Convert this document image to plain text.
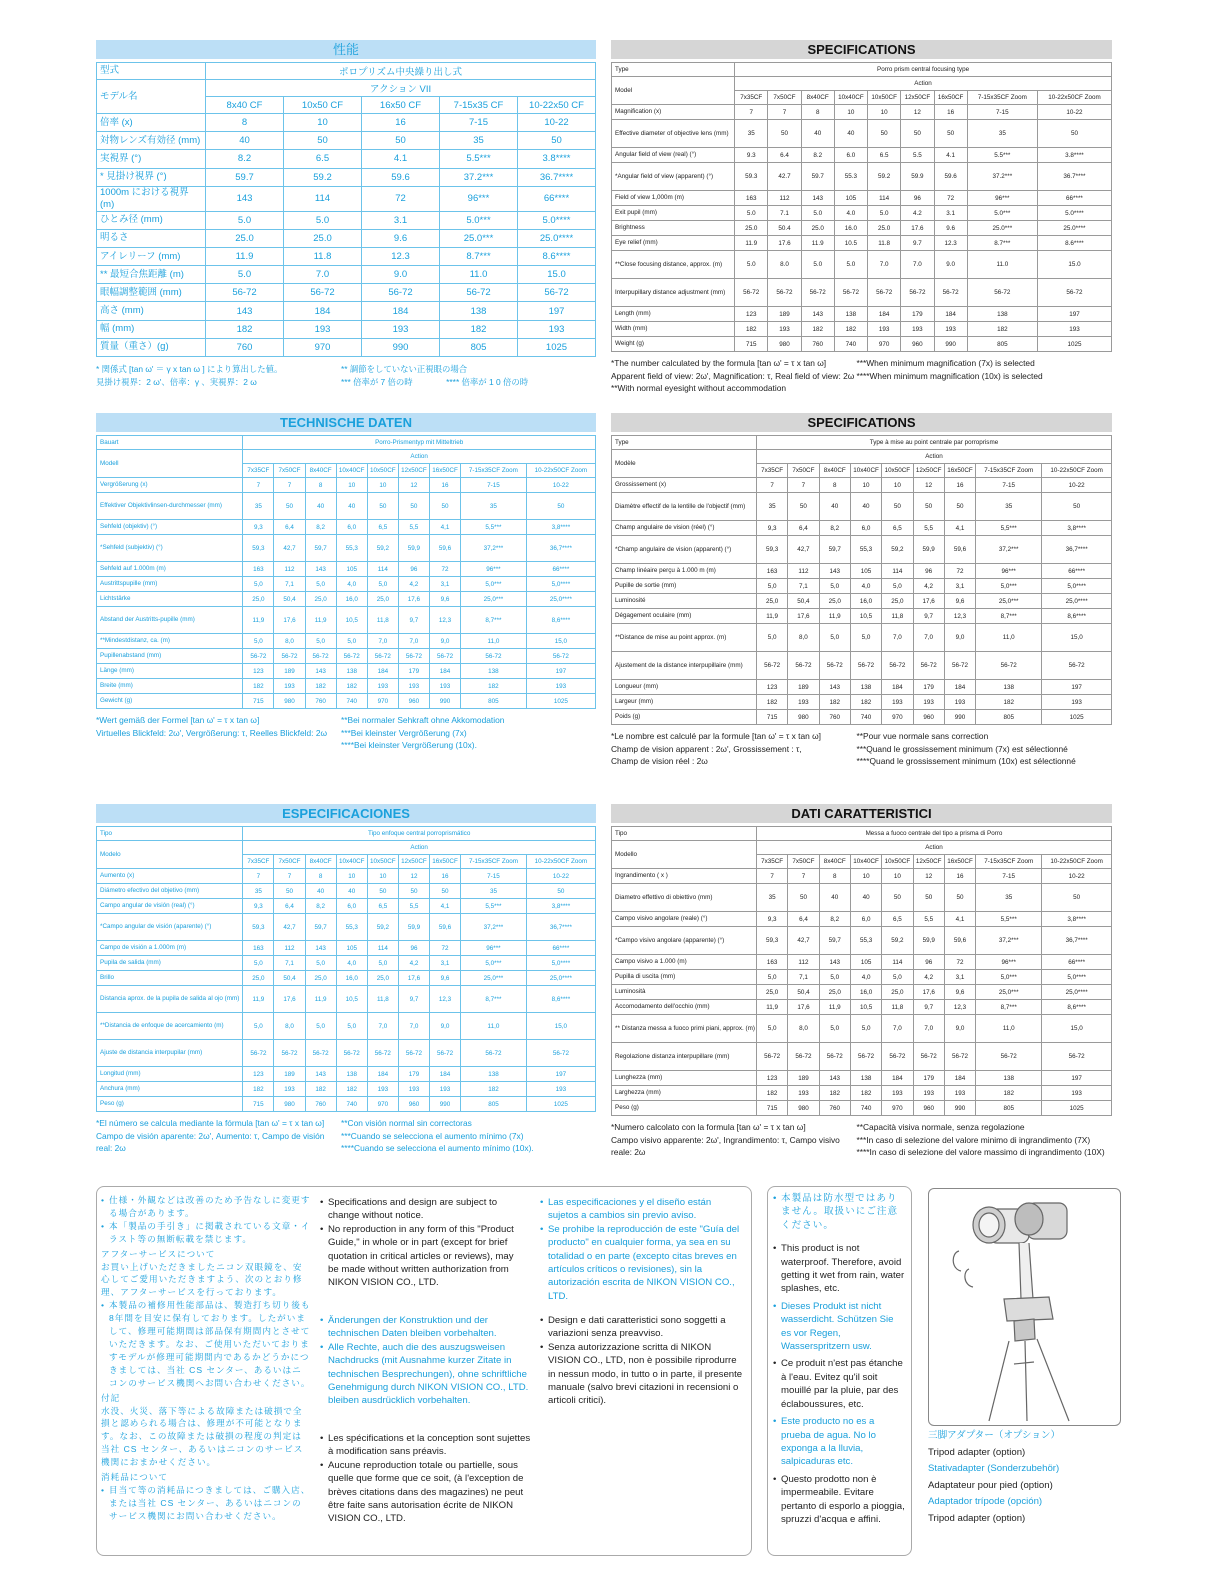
性能
型式	ポロプリズム中央繰り出し式				
モデル名	アクション VII				
	8x40 CF	10x50 CF	16x50 CF	7-15x35 CF	10-22x50 CF
倍率 (x)	8	10	16	7-15	10-22
対物レンズ有効径 (mm)	40	50	50	35	50
実視界 (°)	8.2	6.5	4.1	5.5***	3.8****
* 見掛け視界 (°)	59.7	59.2	59.6	37.2***	36.7****
1000m における視界 (m)	143	114	72	96***	66****
ひとみ径 (mm)	5.0	5.0	3.1	5.0***	5.0****
明るさ	25.0	25.0	9.6	25.0***	25.0****
アイレリーフ (mm)	11.9	11.8	12.3	8.7***	8.6****
** 最短合焦距離 (m)	5.0	7.0	9.0	11.0	15.0
眼幅調整範囲 (mm)	56-72	56-72	56-72	56-72	56-72
高さ (mm)	143	184	184	138	197
幅 (mm)	182	193	193	182	193
質量（重さ）(g)	760	970	990	805	1025
* 関係式 [tan ω' ＝ γ x tan ω ] により算出した値。
見掛け視界：2 ω'、倍率：γ 、実視界：2 ω
** 調節をしていない正視眼の場合
*** 倍率が 7 倍の時　　　　**** 倍率が 1 0 倍の時
SPECIFICATIONS
Type	Porro prism central focusing type								
Model	Action								
	7x35CF	7x50CF	8x40CF	10x40CF	10x50CF	12x50CF	16x50CF	7-15x35CF Zoom	10-22x50CF Zoom
Magnification (x)	7	7	8	10	10	12	16	7-15	10-22
Effective diameter of objective lens (mm)	35	50	40	40	50	50	50	35	50
Angular field of view (real) (°)	9.3	6.4	8.2	6.0	6.5	5.5	4.1	5.5***	3.8****
*Angular field of view (apparent) (°)	59.3	42.7	59.7	55.3	59.2	59.9	59.6	37.2***	36.7****
Field of view 1,000m (m)	163	112	143	105	114	96	72	96***	66****
Exit pupil (mm)	5.0	7.1	5.0	4.0	5.0	4.2	3.1	5.0***	5.0****
Brightness	25.0	50.4	25.0	16.0	25.0	17.6	9.6	25.0***	25.0****
Eye relief (mm)	11.9	17.6	11.9	10.5	11.8	9.7	12.3	8.7***	8.6****
**Close focusing distance, approx. (m)	5.0	8.0	5.0	5.0	7.0	7.0	9.0	11.0	15.0
Interpupillary distance adjustment (mm)	56-72	56-72	56-72	56-72	56-72	56-72	56-72	56-72	56-72
Length (mm)	123	189	143	138	184	179	184	138	197
Width (mm)	182	193	182	182	193	193	193	182	193
Weight (g)	715	980	760	740	970	960	990	805	1025
*The number calculated by the formula [tan ω' = τ x tan ω]
Apparent field of view: 2ω', Magnification: τ, Real field of view: 2ω
**With normal eyesight without accommodation
***When minimum magnification (7x) is selected
****When minimum magnification (10x) is selected
TECHNISCHE DATEN
Bauart	Porro-Prismentyp mit Mitteltrieb								
Modell	Action								
	7x35CF	7x50CF	8x40CF	10x40CF	10x50CF	12x50CF	16x50CF	7-15x35CF Zoom	10-22x50CF Zoom
Vergrößerung (x)	7	7	8	10	10	12	16	7-15	10-22
Effektiver Objektivlinsen-durchmesser (mm)	35	50	40	40	50	50	50	35	50
Sehfeld (objektiv) (°)	9,3	6,4	8,2	6,0	6,5	5,5	4,1	5,5***	3,8****
*Sehfeld (subjektiv) (°)	59,3	42,7	59,7	55,3	59,2	59,9	59,6	37,2***	36,7****
Sehfeld auf 1.000m (m)	163	112	143	105	114	96	72	96***	66****
Austrittspupille (mm)	5,0	7,1	5,0	4,0	5,0	4,2	3,1	5,0***	5,0****
Lichtstärke	25,0	50,4	25,0	16,0	25,0	17,6	9,6	25,0***	25,0****
Abstand der Austritts-pupille (mm)	11,9	17,6	11,9	10,5	11,8	9,7	12,3	8,7***	8,6****
**Mindestdistanz, ca. (m)	5,0	8,0	5,0	5,0	7,0	7,0	9,0	11,0	15,0
Pupillenabstand (mm)	56-72	56-72	56-72	56-72	56-72	56-72	56-72	56-72	56-72
Länge (mm)	123	189	143	138	184	179	184	138	197
Breite (mm)	182	193	182	182	193	193	193	182	193
Gewicht (g)	715	980	760	740	970	960	990	805	1025
*Wert gemäß der Formel [tan ω' = τ x tan ω]
Virtuelles Blickfeld: 2ω', Vergrößerung: τ, Reelles Blickfeld: 2ω
**Bei normaler Sehkraft ohne Akkomodation
***Bei kleinster Vergrößerung (7x)
****Bei kleinster Vergrößerung (10x).
SPECIFICATIONS
Type	Type à mise au point centrale par porroprisme								
Modèle	Action								
	7x35CF	7x50CF	8x40CF	10x40CF	10x50CF	12x50CF	16x50CF	7-15x35CF Zoom	10-22x50CF Zoom
Grossissement (x)	7	7	8	10	10	12	16	7-15	10-22
Diamètre effectif de la lentille de l'objectif (mm)	35	50	40	40	50	50	50	35	50
Champ angulaire de vision (réel) (°)	9,3	6,4	8,2	6,0	6,5	5,5	4,1	5,5***	3,8****
*Champ angulaire de vision (apparent) (°)	59,3	42,7	59,7	55,3	59,2	59,9	59,6	37,2***	36,7****
Champ linéaire perçu à 1.000 m (m)	163	112	143	105	114	96	72	96***	66****
Pupille de sortie (mm)	5,0	7,1	5,0	4,0	5,0	4,2	3,1	5,0***	5,0****
Luminosité	25,0	50,4	25,0	16,0	25,0	17,6	9,6	25,0***	25,0****
Dégagement oculaire (mm)	11,9	17,6	11,9	10,5	11,8	9,7	12,3	8,7***	8,6****
**Distance de mise au point approx. (m)	5,0	8,0	5,0	5,0	7,0	7,0	9,0	11,0	15,0
Ajustement de la distance interpupillaire (mm)	56-72	56-72	56-72	56-72	56-72	56-72	56-72	56-72	56-72
Longueur (mm)	123	189	143	138	184	179	184	138	197
Largeur (mm)	182	193	182	182	193	193	193	182	193
Poids (g)	715	980	760	740	970	960	990	805	1025
*Le nombre est calculé par la formule [tan ω' = τ x tan ω]
Champ de vision apparent : 2ω', Grossissement : τ,
Champ de vision réel : 2ω
**Pour vue normale sans correction
***Quand le grossissement minimum (7x) est sélectionné
****Quand le grossissement minimum (10x) est sélectionné
ESPECIFICACIONES
Tipo	Tipo enfoque central porroprismático								
Modelo	Action								
	7x35CF	7x50CF	8x40CF	10x40CF	10x50CF	12x50CF	16x50CF	7-15x35CF Zoom	10-22x50CF Zoom
Aumento (x)	7	7	8	10	10	12	16	7-15	10-22
Diámetro efectivo del objetivo (mm)	35	50	40	40	50	50	50	35	50
Campo angular de visión (real) (°)	9,3	6,4	8,2	6,0	6,5	5,5	4,1	5,5***	3,8****
*Campo angular de visión (aparente) (°)	59,3	42,7	59,7	55,3	59,2	59,9	59,6	37,2***	36,7****
Campo de visión a 1.000m (m)	163	112	143	105	114	96	72	96***	66****
Pupila de salida (mm)	5,0	7,1	5,0	4,0	5,0	4,2	3,1	5,0***	5,0****
Brillo	25,0	50,4	25,0	16,0	25,0	17,6	9,6	25,0***	25,0****
Distancia aprox. de la pupila de salida al ojo (mm)	11,9	17,6	11,9	10,5	11,8	9,7	12,3	8,7***	8,6****
**Distancia de enfoque de acercamiento (m)	5,0	8,0	5,0	5,0	7,0	7,0	9,0	11,0	15,0
Ajuste de distancia interpupilar (mm)	56-72	56-72	56-72	56-72	56-72	56-72	56-72	56-72	56-72
Longitud (mm)	123	189	143	138	184	179	184	138	197
Anchura (mm)	182	193	182	182	193	193	193	182	193
Peso (g)	715	980	760	740	970	960	990	805	1025
*El número se calcula mediante la fórmula [tan ω' = τ x tan ω]
Campo de visión aparente: 2ω', Aumento: τ, Campo de visión real: 2ω
**Con visión normal sin correctoras
***Cuando se selecciona el aumento mínimo (7x)
****Cuando se selecciona el aumento mínimo (10x).
DATI CARATTERISTICI
Tipo	Messa a fuoco centrale del tipo a prisma di Porro								
Modello	Action								
	7x35CF	7x50CF	8x40CF	10x40CF	10x50CF	12x50CF	16x50CF	7-15x35CF Zoom	10-22x50CF Zoom
Ingrandimento ( x )	7	7	8	10	10	12	16	7-15	10-22
Diametro effettivo di obiettivo (mm)	35	50	40	40	50	50	50	35	50
Campo visivo angolare (reale) (°)	9,3	6,4	8,2	6,0	6,5	5,5	4,1	5,5***	3,8****
*Campo visivo angolare (apparente) (°)	59,3	42,7	59,7	55,3	59,2	59,9	59,6	37,2***	36,7****
Campo visivo a 1.000 (m)	163	112	143	105	114	96	72	96***	66****
Pupilla di uscita (mm)	5,0	7,1	5,0	4,0	5,0	4,2	3,1	5,0***	5,0****
Luminosità	25,0	50,4	25,0	16,0	25,0	17,6	9,6	25,0***	25,0****
Accomodamento dell'occhio (mm)	11,9	17,6	11,9	10,5	11,8	9,7	12,3	8,7***	8,6****
** Distanza messa a fuoco primi piani, approx. (m)	5,0	8,0	5,0	5,0	7,0	7,0	9,0	11,0	15,0
Regolazione distanza interpupillare (mm)	56-72	56-72	56-72	56-72	56-72	56-72	56-72	56-72	56-72
Lunghezza (mm)	123	189	143	138	184	179	184	138	197
Larghezza (mm)	182	193	182	182	193	193	193	182	193
Peso (g)	715	980	760	740	970	960	990	805	1025
*Numero calcolato con la formula [tan ω' = τ x tan ω]
Campo visivo apparente: 2ω', Ingrandimento: τ, Campo visivo reale: 2ω
**Capacità visiva normale, senza regolazione
***In caso di selezione del valore minimo di ingrandimento (7X)
****In caso di selezione del valore massimo di ingrandimento (10X)
仕様・外観などは改善のため予告なしに変更する場合があります。
•
本「製品の手引き」に掲載されている文章・イラスト等の無断転載を禁じます。
•
アフターサービスについて
お買い上げいただきましたニコン双眼鏡を、安心してご愛用いただきますよう、次のとおり修理、アフターサービスを行っております。
本製品の補修用性能部品は、製造打ち切り後も8年間を目安に保有しております。したがいまして、修理可能期間は部品保有期間内とさせていただきます。なお、ご使用いただいておりますモデルが修理可能期間内であるかどうかにつきましては、当社 CS センター、あるいはニコンのサービス機関へお問い合わせください。
•
付記
水没、火災、落下等による故障または破損で全損と認められる場合は、修理が不可能となります。なお、この故障または破損の程度の判定は当社 CS センター、あるいはニコンのサービス機関におまかせください。
消耗品について
目当て等の消耗品につきましては、ご購入店、または当社 CS センター、あるいはニコンのサービス機関にお問い合わせください。
•
• Specifications and design are subject to change without notice.
• No reproduction in any form of this "Product Guide," in whole or in part (except for brief quotation in critical articles or reviews), may be made without written authorization from NIKON VISION CO., LTD.
• Änderungen der Konstruktion und der technischen Daten bleiben vorbehalten.
• Alle Rechte, auch die des auszugsweisen Nachdrucks (mit Ausnahme kurzer Zitate in technischen Besprechungen), ohne schriftliche Genehmigung durch NIKON VISION CO., LTD. bleiben ausdrücklich vorbehalten.
• Les spécifications et la conception sont sujettes à modification sans préavis.
• Aucune reproduction totale ou partielle, sous quelle que forme que ce soit, (à l'exception de brèves citations dans des magazines) ne peut être faite sans autorisation écrite de NIKON VISION CO., LTD.
• Las especificaciones y el diseño están sujetos a cambios sin previo aviso.
• Se prohibe la reproducción de este "Guía del producto" en cualquier forma, ya sea en su totalidad o en parte (excepto citas breves en artículos críticos o revisiones), sin la autorización escrita de NIKON VISION CO., LTD.
• Design e dati caratteristici sono soggetti a variazioni senza preavviso.
• Senza autorizzazione scritta di NIKON VISION CO., LTD, non è possibile riprodurre in nessun modo, in tutto o in parte, il presente manuale (salvo brevi citazioni in recensioni o articoli critici).
• 本製品は防水型ではありません。取扱いにご注意ください。
• This product is not waterproof. Therefore, avoid getting it wet from rain, water splashes, etc.
• Dieses Produkt ist nicht wasserdicht. Schützen Sie es vor Regen, Wasserspritzern usw.
• Ce produit n'est pas étanche à l'eau. Evitez qu'il soit mouillé par la pluie, par des éclaboussures, etc.
• Este producto no es a prueba de agua. No lo exponga a la lluvia, salpicaduras etc.
• Questo prodotto non è impermeabile. Evitare pertanto di esporlo a pioggia, spruzzi d'acqua e affini.
三脚アダプター（オプション）
Tripod adapter (option)
Stativadapter (Sonderzubehör)
Adaptateur pour pied (option)
Adaptador trípode (opción)
Tripod adapter (option)
